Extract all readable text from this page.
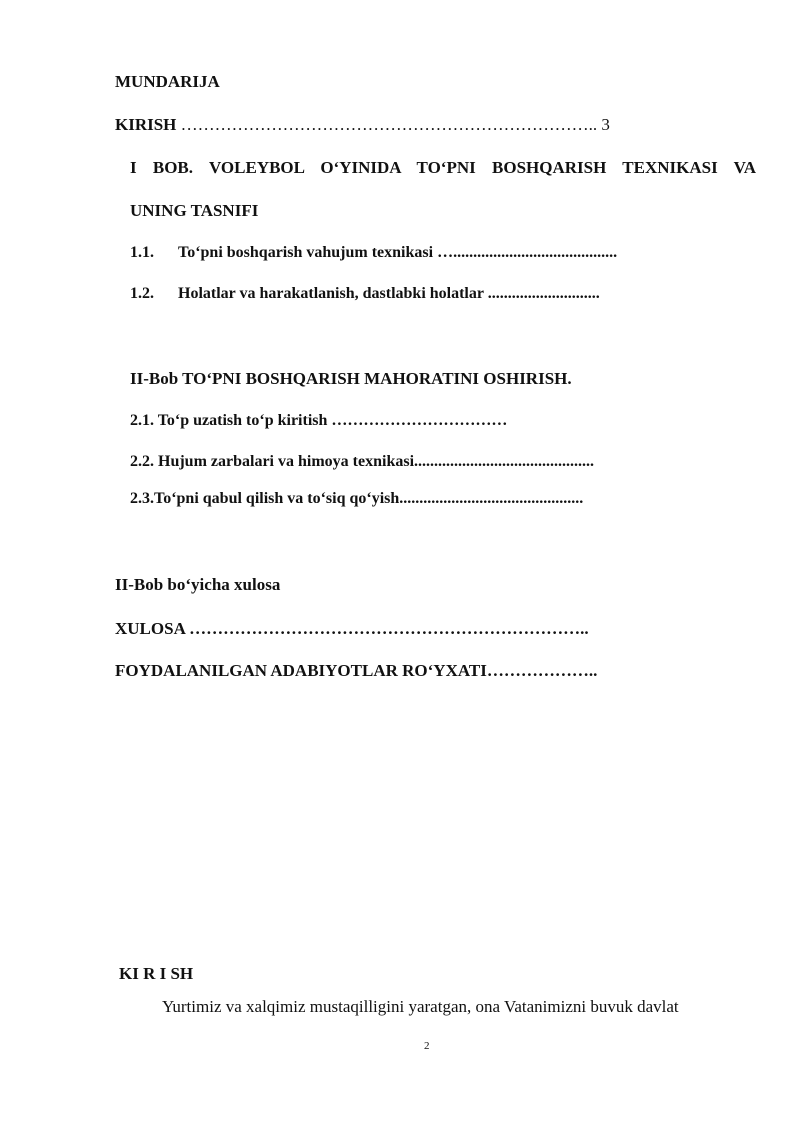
MUNDARIJA
KIRISH ……………………………………………………………….. 3
I BOB. VOLEYBOL O‘YINIDA TO‘PNI BOSHQARISH TEXNIKASI VA
UNING TASNIFI
1.1. To‘pni boshqarish vahujum texnikasi ….........................................
1.2. Holatlar va harakatlanish, dastlabki holatlar ............................
II-Bob TO‘PNI BOSHQARISH MAHORATINI OSHIRISH.
2.1. To‘p uzatish to‘p kiritish ……………………………
2.2. Hujum zarbalari va himoya texnikasi.............................................
2.3.To‘pni qabul qilish va to‘siq qo‘yish..............................................
II-Bob bo‘yicha xulosa
XULOSA ……………………………………………………………..
FOYDALANILGAN ADABIYOTLAR RO‘YXATI………………..
KI R I SH
Yurtimiz va xalqimiz mustaqilligini yaratgan, ona Vatanimizni buvuk davlat
2
